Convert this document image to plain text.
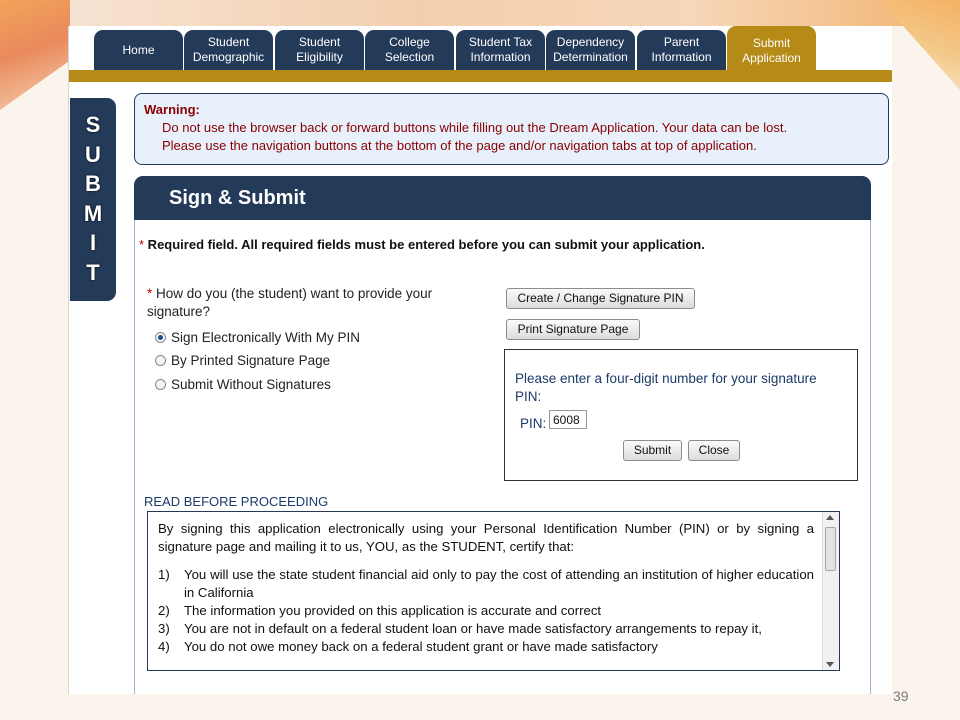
Home
Student
Demographic
Student
Eligibility
College
Selection
Student Tax
Information
Dependency
Determination
Parent
Information
Submit
Application
S
U
B
M
I
T
Warning:
Do not use the browser back or forward buttons while filling out the Dream Application. Your data can be lost.
Please use the navigation buttons at the bottom of the page and/or navigation tabs at top of application.
Sign & Submit
* Required field. All required fields must be entered before you can submit your application.
* How do you (the student) want to provide your signature?
Sign Electronically With My PIN
By Printed Signature Page
Submit Without Signatures
Create / Change Signature PIN
Print Signature Page
Please enter a four-digit number for your signature PIN:
PIN: 6008
Submit	Close
READ BEFORE PROCEEDING
By signing this application electronically using your Personal Identification Number (PIN) or by signing a signature page and mailing it to us, YOU, as the STUDENT, certify that:
1)	You will use the state student financial aid only to pay the cost of attending an institution of higher education in California
2)	The information you provided on this application is accurate and correct
3)	You are not in default on a federal student loan or have made satisfactory arrangements to repay it,
4)	You do not owe money back on a federal student grant or have made satisfactory
39
